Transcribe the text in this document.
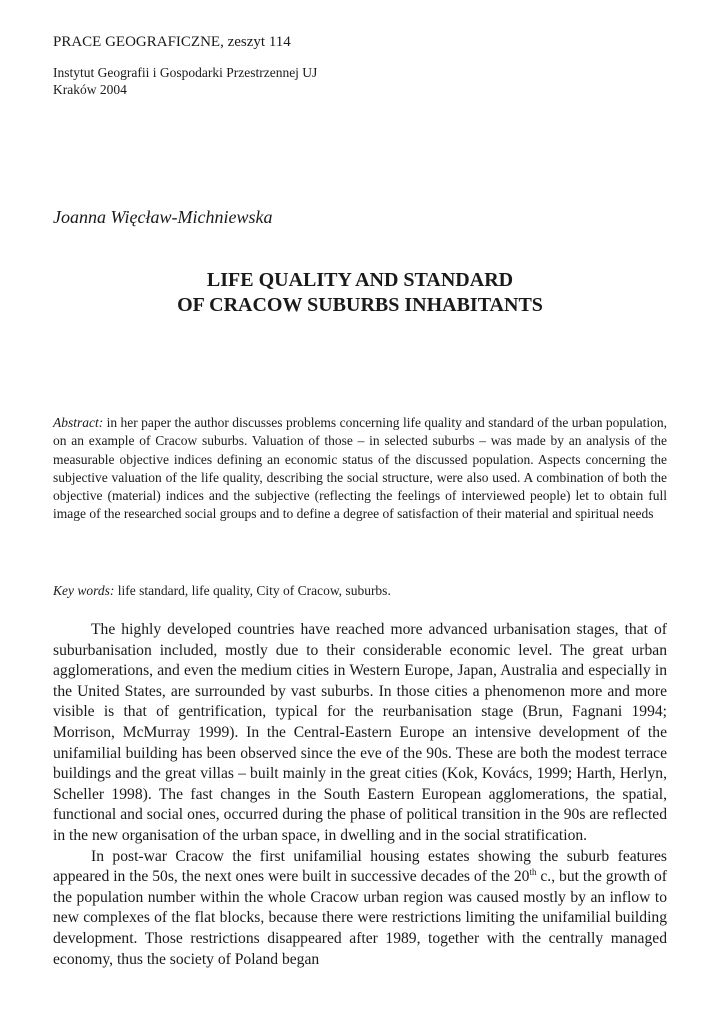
PRACE GEOGRAFICZNE, zeszyt 114
Instytut Geografii i Gospodarki Przestrzennej UJ
Kraków 2004
Joanna Więcław-Michniewska
LIFE QUALITY AND STANDARD
OF CRACOW SUBURBS INHABITANTS

Abstract: in her paper the author discusses problems concerning life quality and standard of the urban population, on an example of Cracow suburbs. Valuation of those – in selected suburbs – was made by an analysis of the measurable objective indices defining an economic status of the discussed population. Aspects concerning the subjective valuation of the life quality, describing the social structure, were also used. A combination of both the objective (material) indices and the subjective (reflecting the feelings of interviewed people) let to obtain full image of the researched social groups and to define a degree of satisfaction of their material and spiritual needs

Key words: life standard, life quality, City of Cracow, suburbs.

The highly developed countries have reached more advanced urbanisation stages, that of suburbanisation included, mostly due to their considerable economic level. The great urban agglomerations, and even the medium cities in Western Europe, Japan, Australia and especially in the United States, are surrounded by vast suburbs. In those cities a phenomenon more and more visible is that of gentrification, typical for the reurbanisation stage (Brun, Fagnani 1994; Morrison, McMurray 1999). In the Central-Eastern Europe an intensive development of the unifamilial building has been observed since the eve of the 90s. These are both the modest terrace buildings and the great villas – built mainly in the great cities (Kok, Kovács, 1999; Harth, Herlyn, Scheller 1998). The fast changes in the South Eastern European agglomerations, the spatial, functional and social ones, occurred during the phase of political transition in the 90s are reflected in the new organisation of the urban space, in dwelling and in the social stratification.

In post-war Cracow the first unifamilial housing estates showing the suburb features appeared in the 50s, the next ones were built in successive decades of the 20th c., but the growth of the population number within the whole Cracow urban region was caused mostly by an inflow to new complexes of the flat blocks, because there were restrictions limiting the unifamilial building development. Those restrictions disappeared after 1989, together with the centrally managed economy, thus the society of Poland began
